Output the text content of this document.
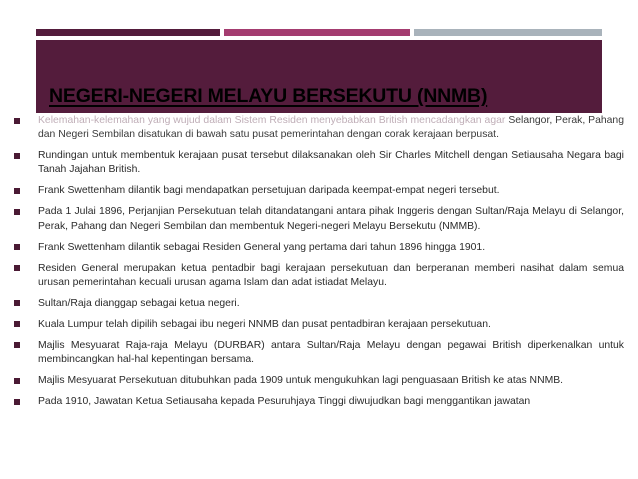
NEGERI-NEGERI MELAYU BERSEKUTU (NNMB)
Kelemahan-kelemahan yang wujud dalam Sistem Residen menyebabkan British mencadangkan agar Selangor, Perak, Pahang dan Negeri Sembilan disatukan di bawah satu pusat pemerintahan dengan corak kerajaan berpusat.
Rundingan untuk membentuk kerajaan pusat tersebut dilaksanakan oleh Sir Charles Mitchell dengan Setiausaha Negara bagi Tanah Jajahan British.
Frank Swettenham dilantik bagi mendapatkan persetujuan daripada keempat-empat negeri tersebut.
Pada 1 Julai 1896, Perjanjian Persekutuan telah ditandatangani antara pihak Inggeris dengan Sultan/Raja Melayu di Selangor, Perak, Pahang dan Negeri Sembilan dan membentuk Negeri-negeri Melayu Bersekutu (NMMB).
Frank Swettenham dilantik sebagai Residen General yang pertama dari tahun 1896 hingga 1901.
Residen General merupakan ketua pentadbir bagi kerajaan persekutuan dan berperanan memberi nasihat dalam semua urusan pemerintahan kecuali urusan agama Islam dan adat istiadat Melayu.
Sultan/Raja dianggap sebagai ketua negeri.
Kuala Lumpur telah dipilih sebagai ibu negeri NNMB dan pusat pentadbiran kerajaan persekutuan.
Majlis Mesyuarat Raja-raja Melayu (DURBAR) antara Sultan/Raja Melayu dengan pegawai British diperkenalkan untuk membincangkan hal-hal kepentingan bersama.
Majlis Mesyuarat Persekutuan ditubuhkan pada 1909 untuk mengukuhkan lagi penguasaan British ke atas NNMB.
Pada 1910, Jawatan Ketua Setiausaha kepada Pesuruhjaya Tinggi diwujudkan bagi menggantikan jawatan
